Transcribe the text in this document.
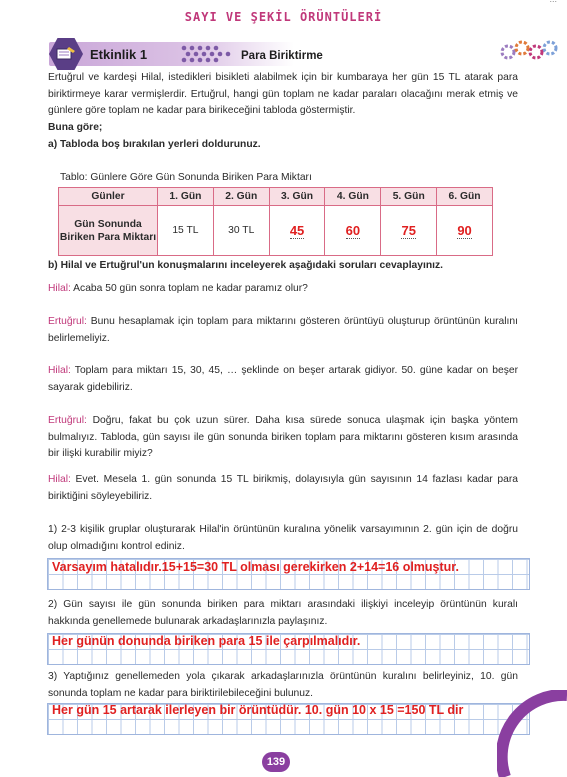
SAYI VE ŞEKİL ÖRÜNTÜLERİ
Etkinlik 1	Para Biriktirme
Ertuğrul ve kardeşi Hilal, istedikleri bisikleti alabilmek için bir kumbaraya her gün 15 TL atarak para biriktirmeye karar vermişlerdir. Ertuğrul, hangi gün toplam ne kadar paraları olacağını merak etmiş ve günlere göre toplam ne kadar para birikeceğini tabloda göstermiştir.
Buna göre;
a) Tabloda boş bırakılan yerleri doldurunuz.
Tablo: Günlere Göre Gün Sonunda Biriken Para Miktarı
Günler	1. Gün	2. Gün	3. Gün	4. Gün	5. Gün	6. Gün
Gün Sonunda Biriken Para Miktarı	15 TL	30 TL	45	60	75	90
b) Hilal ve Ertuğrul'un konuşmalarını inceleyerek aşağıdaki soruları cevaplayınız.
Hilal: Acaba 50 gün sonra toplam ne kadar paramız olur?
Ertuğrul: Bunu hesaplamak için toplam para miktarını gösteren örüntüyü oluşturup örüntünün kuralını belirlemeliyiz.
Hilal: Toplam para miktarı 15, 30, 45, … şeklinde on beşer artarak gidiyor. 50. güne kadar on beşer sayarak gidebiliriz.
Ertuğrul: Doğru, fakat bu çok uzun sürer. Daha kısa sürede sonuca ulaşmak için başka yöntem bulmalıyız. Tabloda, gün sayısı ile gün sonunda biriken toplam para miktarını gösteren kısım arasında bir ilişki kurabilir miyiz?
Hilal: Evet. Mesela 1. gün sonunda 15 TL birikmiş, dolayısıyla gün sayısının 14 fazlası kadar para biriktiğini söyleyebiliriz.
1) 2-3 kişilik gruplar oluşturarak Hilal'in örüntünün kuralına yönelik varsayımının 2. gün için de doğru olup olmadığını kontrol ediniz.
Varsayım hatalıdır.15+15=30 TL olması gerekirken 2+14=16 olmuştur.
2) Gün sayısı ile gün sonunda biriken para miktarı arasındaki ilişkiyi inceleyip örüntünün kuralı hakkında genellemede bulunarak arkadaşlarınızla paylaşınız.
Her günün donunda biriken para 15 ile çarpılmalıdır.
3) Yaptığınız genellemeden yola çıkarak arkadaşlarınızla örüntünün kuralını belirleyiniz, 10. gün sonunda toplam ne kadar para biriktirilebileceğini bulunuz.
Her gün 15 artarak ilerleyen bir örüntüdür. 10. gün 10 x 15 =150 TL dir
139
